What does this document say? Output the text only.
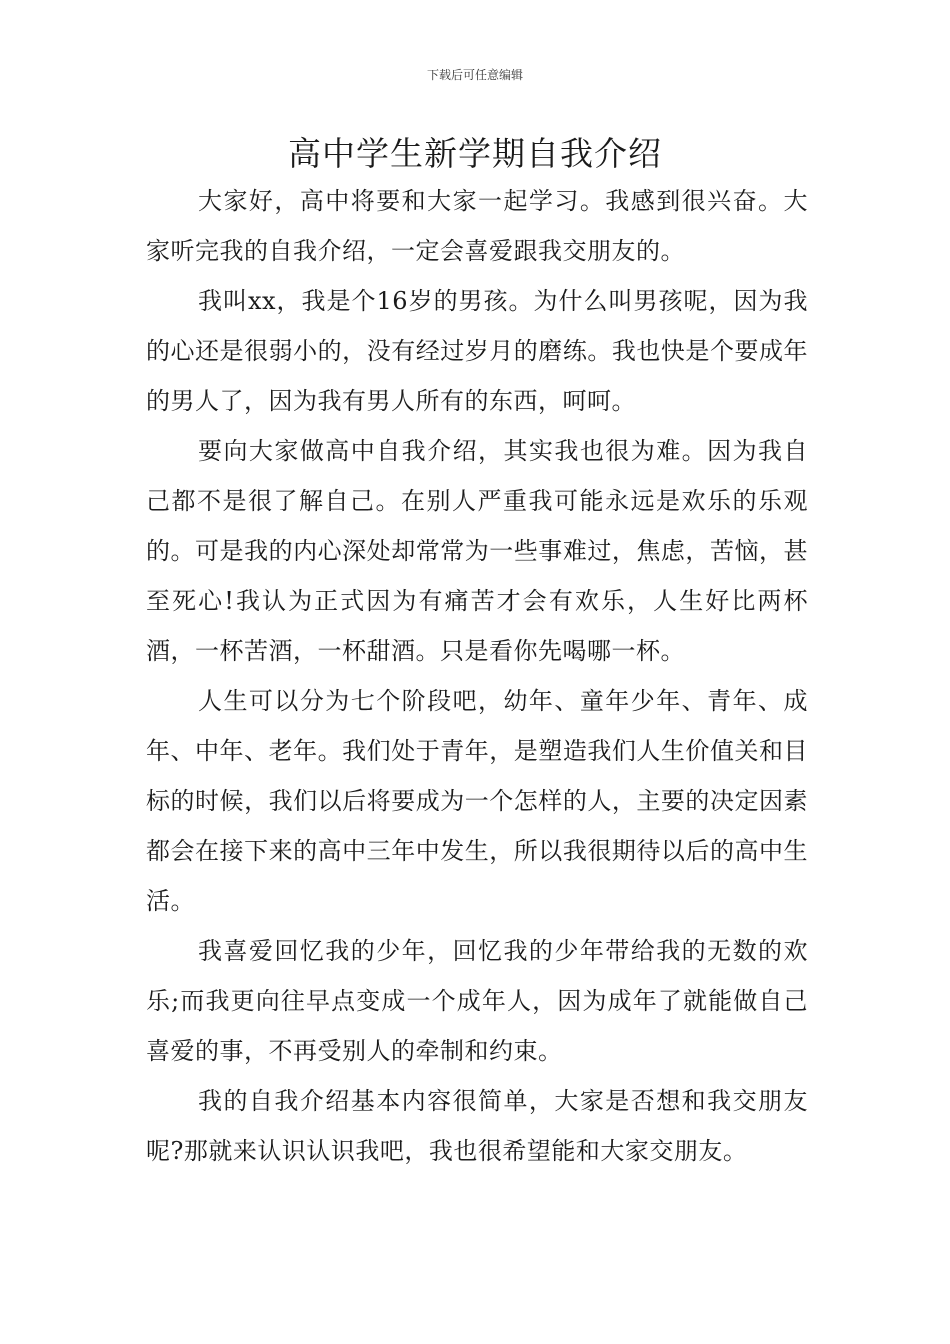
下载后可任意编辑
高中学生新学期自我介绍

大家好，高中将要和大家一起学习。我感到很兴奋。大家听完我的自我介绍，一定会喜爱跟我交朋友的。

我叫xx，我是个16岁的男孩。为什么叫男孩呢，因为我的心还是很弱小的，没有经过岁月的磨练。我也快是个要成年的男人了，因为我有男人所有的东西，呵呵。

要向大家做高中自我介绍，其实我也很为难。因为我自己都不是很了解自己。在别人严重我可能永远是欢乐的乐观的。可是我的内心深处却常常为一些事难过，焦虑，苦恼，甚至死心!我认为正式因为有痛苦才会有欢乐，人生好比两杯酒，一杯苦酒，一杯甜酒。只是看你先喝哪一杯。

人生可以分为七个阶段吧，幼年、童年少年、青年、成年、中年、老年。我们处于青年，是塑造我们人生价值关和目标的时候，我们以后将要成为一个怎样的人，主要的决定因素都会在接下来的高中三年中发生，所以我很期待以后的高中生活。

我喜爱回忆我的少年，回忆我的少年带给我的无数的欢乐;而我更向往早点变成一个成年人，因为成年了就能做自己喜爱的事，不再受别人的牵制和约束。

我的自我介绍基本内容很简单，大家是否想和我交朋友呢?那就来认识认识我吧，我也很希望能和大家交朋友。
